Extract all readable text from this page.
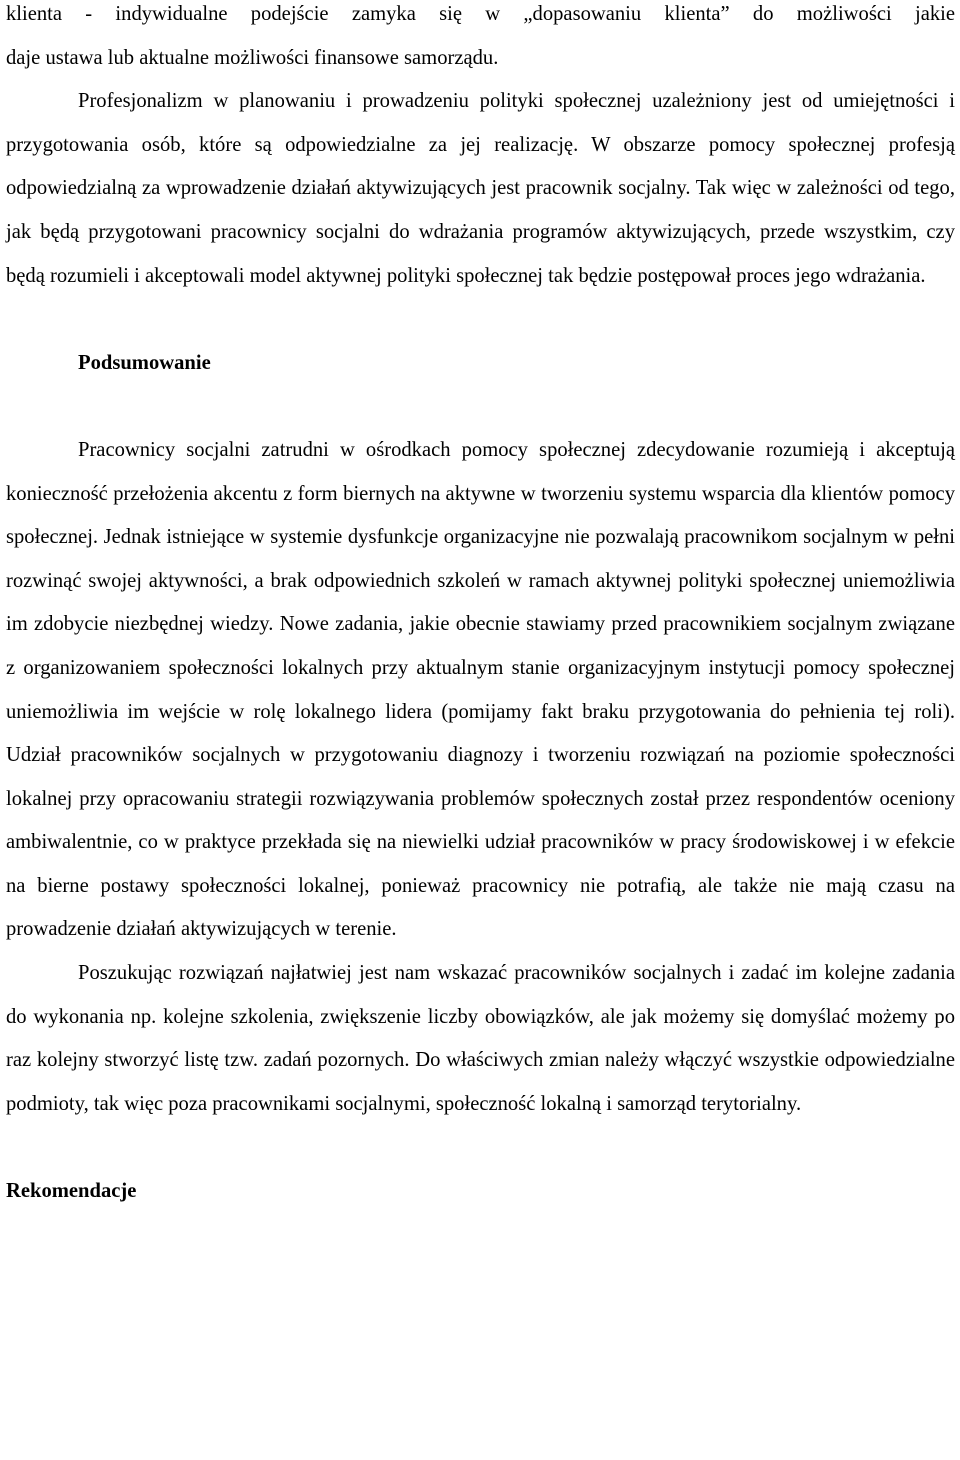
klienta - indywidualne podejście zamyka się w „dopasowaniu klienta” do możliwości jakie

daje ustawa lub aktualne możliwości finansowe samorządu.

Profesjonalizm w planowaniu i prowadzeniu polityki społecznej uzależniony jest od umiejętności i przygotowania osób, które są odpowiedzialne za jej realizację. W obszarze pomocy społecznej profesją odpowiedzialną za wprowadzenie działań aktywizujących jest pracownik socjalny. Tak więc w zależności od tego, jak będą przygotowani pracownicy socjalni do wdrażania programów aktywizujących, przede wszystkim, czy będą rozumieli i akceptowali model aktywnej polityki społecznej tak będzie postępował proces jego wdrażania.

Podsumowanie

Pracownicy socjalni zatrudni w ośrodkach pomocy społecznej zdecydowanie rozumieją i akceptują konieczność przełożenia akcentu z form biernych na aktywne w tworzeniu systemu wsparcia dla klientów pomocy społecznej. Jednak istniejące w systemie dysfunkcje organizacyjne nie pozwalają pracownikom socjalnym w pełni rozwinąć swojej aktywności, a brak odpowiednich szkoleń w ramach aktywnej polityki społecznej uniemożliwia im zdobycie niezbędnej wiedzy. Nowe zadania, jakie obecnie stawiamy przed pracownikiem socjalnym związane z organizowaniem społeczności lokalnych przy aktualnym stanie organizacyjnym instytucji pomocy społecznej uniemożliwia im wejście w rolę lokalnego lidera (pomijamy fakt braku przygotowania do pełnienia tej roli). Udział pracowników socjalnych w przygotowaniu diagnozy i tworzeniu rozwiązań na poziomie społeczności lokalnej przy opracowaniu strategii rozwiązywania problemów społecznych został przez respondentów oceniony ambiwalentnie, co w praktyce przekłada się na niewielki udział pracowników w pracy środowiskowej i w efekcie na bierne postawy społeczności lokalnej, ponieważ pracownicy nie potrafią, ale także nie mają czasu na prowadzenie działań aktywizujących w terenie.

Poszukując rozwiązań najłatwiej jest nam wskazać pracowników socjalnych i zadać im kolejne zadania do wykonania np. kolejne szkolenia, zwiększenie liczby obowiązków, ale jak możemy się domyślać możemy po raz kolejny stworzyć listę tzw. zadań pozornych. Do właściwych zmian należy włączyć wszystkie odpowiedzialne podmioty, tak więc poza pracownikami socjalnymi, społeczność lokalną i samorząd terytorialny.

Rekomendacje
